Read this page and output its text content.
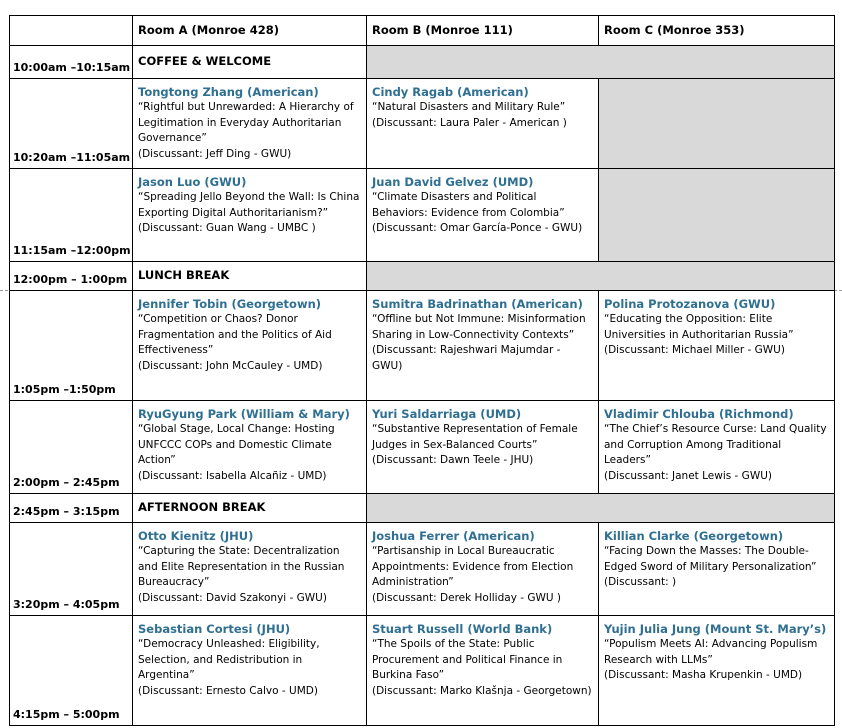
	Room A (Monroe 428)	Room B (Monroe 111)	Room C (Monroe 353)
10:00am –10:15am	COFFEE & WELCOME		
10:20am –11:05am	Tongtong Zhang (American)
“Rightful but Unrewarded: A Hierarchy of Legitimation in Everyday Authoritarian Governance”
(Discussant: Jeff Ding - GWU)	Cindy Ragab (American)
“Natural Disasters and Military Rule”
(Discussant: Laura Paler - American )	

11:15am –12:00pm	Jason Luo (GWU)
“Spreading Jello Beyond the Wall: Is China Exporting Digital Authoritarianism?”
(Discussant: Guan Wang - UMBC )	Juan David Gelvez (UMD)
“Climate Disasters and Political Behaviors: Evidence from Colombia”
(Discussant: Omar García-Ponce - GWU)	

12:00pm – 1:00pm	LUNCH BREAK		
1:05pm –1:50pm	Jennifer Tobin (Georgetown)
“Competition or Chaos? Donor Fragmentation and the Politics of Aid Effectiveness”
(Discussant: John McCauley - UMD)	Sumitra Badrinathan (American)
“Offline but Not Immune: Misinformation Sharing in Low-Connectivity Contexts”
(Discussant: Rajeshwari Majumdar - GWU)	Polina Protozanova (GWU)
“Educating the Opposition: Elite Universities in Authoritarian Russia”
(Discussant: Michael Miller - GWU)

2:00pm – 2:45pm	RyuGyung Park (William & Mary)
“Global Stage, Local Change: Hosting UNFCCC COPs and Domestic Climate Action”
(Discussant: Isabella Alcañiz - UMD)	Yuri Saldarriaga (UMD)
“Substantive Representation of Female Judges in Sex-Balanced Courts”
(Discussant: Dawn Teele - JHU)	Vladimir Chlouba (Richmond)
“The Chief’s Resource Curse: Land Quality and Corruption Among Traditional Leaders”
(Discussant: Janet Lewis - GWU)

2:45pm – 3:15pm	AFTERNOON BREAK		
3:20pm – 4:05pm	Otto Kienitz (JHU)
“Capturing the State: Decentralization and Elite Representation in the Russian Bureaucracy”
(Discussant: David Szakonyi - GWU)	Joshua Ferrer (American)
“Partisanship in Local Bureaucratic Appointments: Evidence from Election Administration”
(Discussant: Derek Holliday - GWU )	Killian Clarke (Georgetown)
“Facing Down the Masses: The Double-Edged Sword of Military Personalization”
(Discussant: )

4:15pm – 5:00pm	Sebastian Cortesi (JHU)
“Democracy Unleashed: Eligibility, Selection, and Redistribution in Argentina”
(Discussant: Ernesto Calvo - UMD)	Stuart Russell (World Bank)
“The Spoils of the State: Public Procurement and Political Finance in Burkina Faso”
(Discussant: Marko Klašnja - Georgetown)	Yujin Julia Jung (Mount St. Mary’s)
“Populism Meets AI: Advancing Populism Research with LLMs”
(Discussant: Masha Krupenkin - UMD)
